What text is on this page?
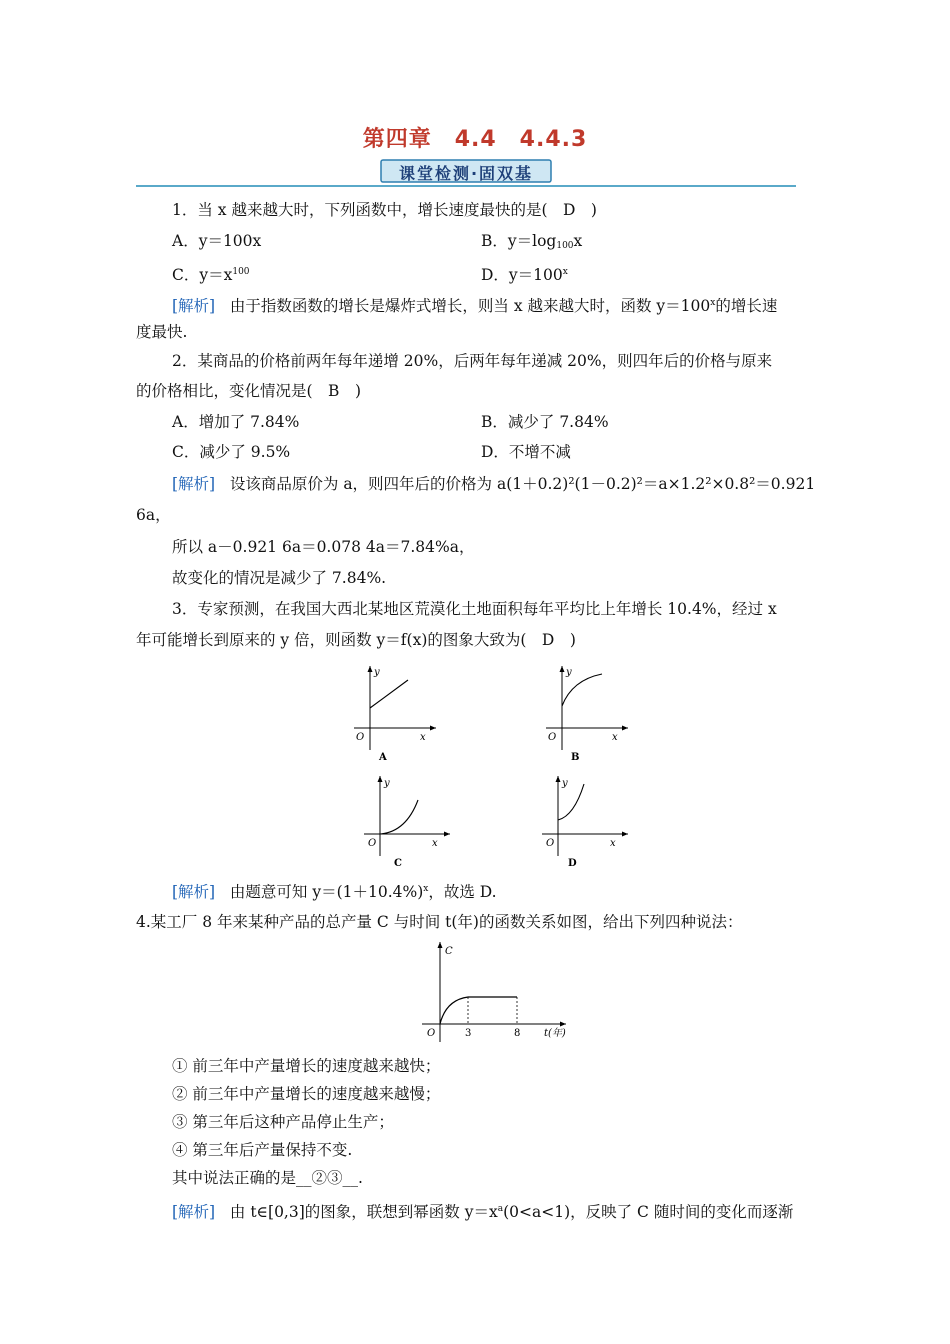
第四章　4.4　4.4.3
课堂检测·固双基
1．当 x 越来越大时，下列函数中，增长速度最快的是(　D　)
A．y＝100x	B．$y=\log_{100}x$
C．$y=x^{100}$	D．$y=100^x$
[解析] 由于指数函数的增长是爆炸式增长，则当 x 越来越大时，函数 $y=100^x$的增长速
度最快.
2．某商品的价格前两年每年递增 20%，后两年每年递减 20%，则四年后的价格与原来
的价格相比，变化情况是(　B　)
A．增加了 7.84%	B．减少了 7.84%
C．减少了 9.5%	D．不增不减
[解析] 设该商品原价为 a，则四年后的价格为 a(1＋0.2)²(1－0.2)²＝a×1.2²×0.8²＝0.921
6a，
所以 a－0.921 6a＝0.078 4a＝7.84%a，
故变化的情况是减少了 7.84%.
3．专家预测，在我国大西北某地区荒漠化土地面积每年平均比上年增长 10.4%，经过 x
年可能增长到原来的 y 倍，则函数 y＝f(x)的图象大致为(　D　)
y
x
O
A
y
x
O
B
y
x
O
C
y
x
O
D
[解析] 由题意可知 $y=(1+10.4\%)^x$，故选 D.
4.某工厂 8 年来某种产品的总产量 C 与时间 t(年)的函数关系如图，给出下列四种说法：
C
t(年)
O	3	8
① 前三年中产量增长的速度越来越快；
② 前三年中产量增长的速度越来越慢；
③ 第三年后这种产品停止生产；
④ 第三年后产量保持不变.
其中说法正确的是__②③__.
[解析] 由 t∈[0,3]的图象，联想到幂函数 $y=x^a(0<a<1)$，反映了 C 随时间的变化而逐渐
